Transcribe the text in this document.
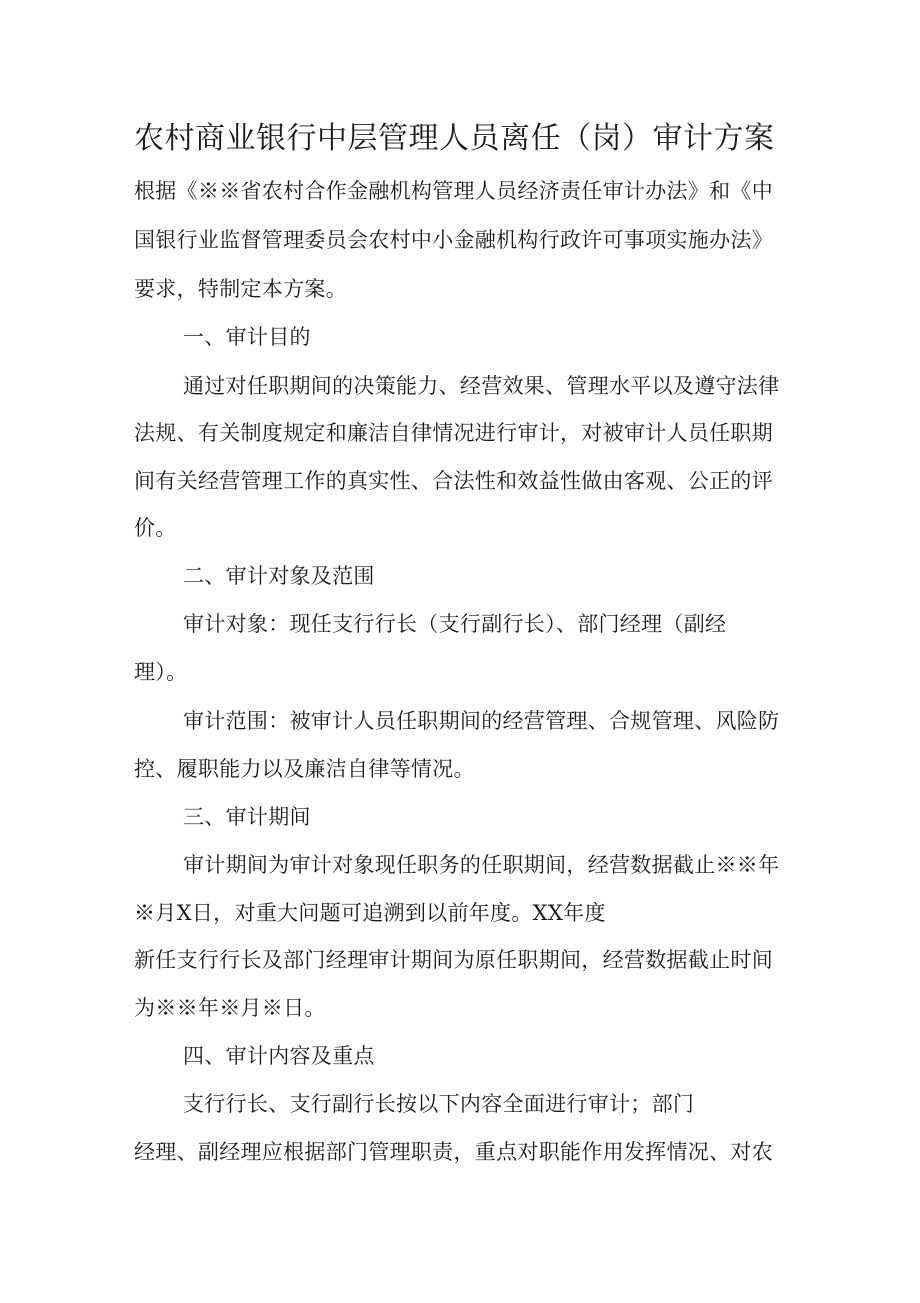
农村商业银行中层管理人员离任（岗）审计方案

根据《※※省农村合作金融机构管理人员经济责任审计办法》和《中

国银行业监督管理委员会农村中小金融机构行政许可事项实施办法》

要求，特制定本方案。

一、审计目的

通过对任职期间的决策能力、经营效果、管理水平以及遵守法律

法规、有关制度规定和廉洁自律情况进行审计，对被审计人员任职期

间有关经营管理工作的真实性、合法性和效益性做由客观、公正的评

价。

二、审计对象及范围

审计对象：现任支行行长（支行副行长）、部门经理（副经

理）。

审计范围：被审计人员任职期间的经营管理、合规管理、风险防

控、履职能力以及廉洁自律等情况。

三、审计期间

审计期间为审计对象现任职务的任职期间，经营数据截止※※年

※月X日，对重大问题可追溯到以前年度。XX年度

新任支行行长及部门经理审计期间为原任职期间，经营数据截止时间

为※※年※月※日。

四、审计内容及重点

支行行长、支行副行长按以下内容全面进行审计；部门

经理、副经理应根据部门管理职责，重点对职能作用发挥情况、对农
